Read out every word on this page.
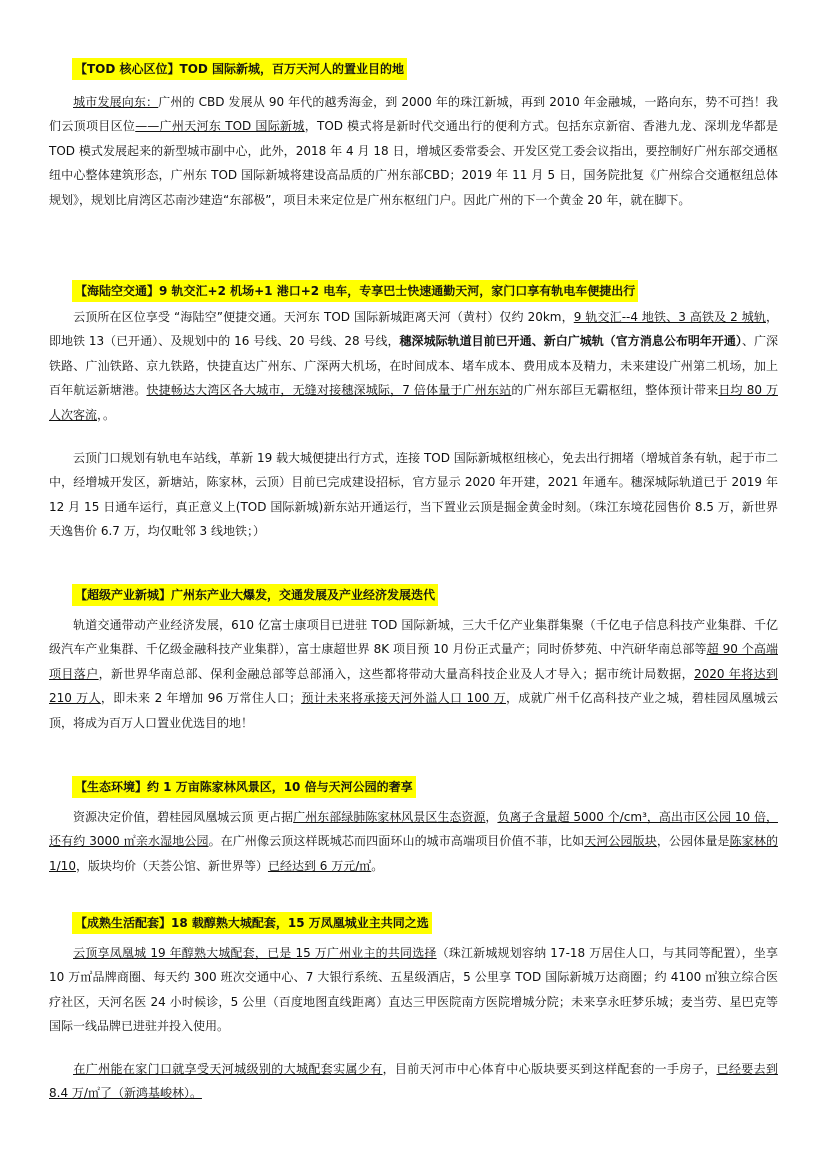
【TOD 核心区位】TOD 国际新城，百万天河人的置业目的地

城市发展向东：广州的 CBD 发展从 90 年代的越秀海金，到 2000 年的珠江新城，再到 2010 年金融城，一路向东，势不可挡！我们云顶项目区位——广州天河东 TOD 国际新城，TOD 模式将是新时代交通出行的便利方式。包括东京新宿、香港九龙、深圳龙华都是 TOD 模式发展起来的新型城市副中心，此外，2018 年 4 月 18 日，增城区委常委会、开发区党工委会议指出，要控制好广州东部交通枢纽中心整体建筑形态，广州东 TOD 国际新城将建设高品质的广州东部CBD；2019 年 11 月 5 日，国务院批复《广州综合交通枢纽总体规划》，规划比肩湾区芯南沙建造“东部极”，项目未来定位是广州东枢纽门户。因此广州的下一个黄金 20 年，就在脚下。

【海陆空交通】9 轨交汇+2 机场+1 港口+2 电车，专享巴士快速通勤天河，家门口享有轨电车便捷出行

云顶所在区位享受 “海陆空”便捷交通。天河东 TOD 国际新城距离天河（黄村）仅约 20km，9 轨交汇--4 地铁、3 高铁及 2 城轨，即地铁 13（已开通）、及规划中的 16 号线、20 号线、28 号线，穗深城际轨道目前已开通、新白广城轨（官方消息公布明年开通）、广深铁路、广汕铁路、京九铁路，快捷直达广州东、广深两大机场，在时间成本、堵车成本、费用成本及精力，未来建设广州第二机场，加上百年航运新塘港。快捷畅达大湾区各大城市，无缝对接穗深城际，7 倍体量于广州东站的广州东部巨无霸枢纽，整体预计带来日均 80 万人次客流，。

云顶门口规划有轨电车站线，革新 19 载大城便捷出行方式，连接 TOD 国际新城枢纽核心，免去出行拥堵（增城首条有轨，起于市二中，经增城开发区，新塘站，陈家林，云顶）目前已完成建设招标，官方显示 2020 年开建，2021 年通车。穗深城际轨道已于 2019 年 12 月 15 日通车运行，真正意义上(TOD 国际新城)新东站开通运行，当下置业云顶是掘金黄金时刻。（珠江东境花园售价 8.5 万，新世界天逸售价 6.7 万，均仅毗邻 3 线地铁；）

【超级产业新城】广州东产业大爆发，交通发展及产业经济发展迭代

轨道交通带动产业经济发展，610 亿富士康项目已进驻 TOD 国际新城，三大千亿产业集群集聚（千亿电子信息科技产业集群、千亿级汽车产业集群、千亿级金融科技产业集群），富士康超世界 8K 项目预 10 月份正式量产；同时侨梦苑、中汽研华南总部等超 90 个高端项目落户，新世界华南总部、保利金融总部等总部涌入，这些都将带动大量高科技企业及人才导入；据市统计局数据，2020 年将达到 210 万人，即未来 2 年增加 96 万常住人口；预计未来将承接天河外溢人口 100 万，成就广州千亿高科技产业之城，碧桂园凤凰城云顶，将成为百万人口置业优选目的地！

【生态环境】约 1 万亩陈家林风景区，10 倍与天河公园的奢享

资源决定价值，碧桂园凤凰城云顶 更占据广州东部绿肺陈家林风景区生态资源，负离子含量超 5000 个/cm³，高出市区公园 10 倍，还有约 3000 ㎡亲水湿地公园。在广州像云顶这样既城芯而四面环山的城市高端项目价值不菲，比如天河公园版块，公园体量是陈家林的 1/10，版块均价（天荟公馆、新世界等）已经达到 6 万元/㎡。

【成熟生活配套】18 载醇熟大城配套，15 万凤凰城业主共同之选

云顶享凤凰城 19 年醇熟大城配套，已是 15 万广州业主的共同选择（珠江新城规划容纳 17-18 万居住人口，与其同等配置），坐享 10 万㎡品牌商圈、每天约 300 班次交通中心、7 大银行系统、五星级酒店，5 公里享 TOD 国际新城万达商圈；约 4100 ㎡独立综合医疗社区，天河名医 24 小时候诊，5 公里（百度地图直线距离）直达三甲医院南方医院增城分院；未来享永旺梦乐城；麦当劳、星巴克等国际一线品牌已进驻并投入使用。

在广州能在家门口就享受天河城级别的大城配套实属少有，目前天河市中心体育中心版块要买到这样配套的一手房子，已经要去到 8.4 万/㎡了（新鸿基峻林）。
